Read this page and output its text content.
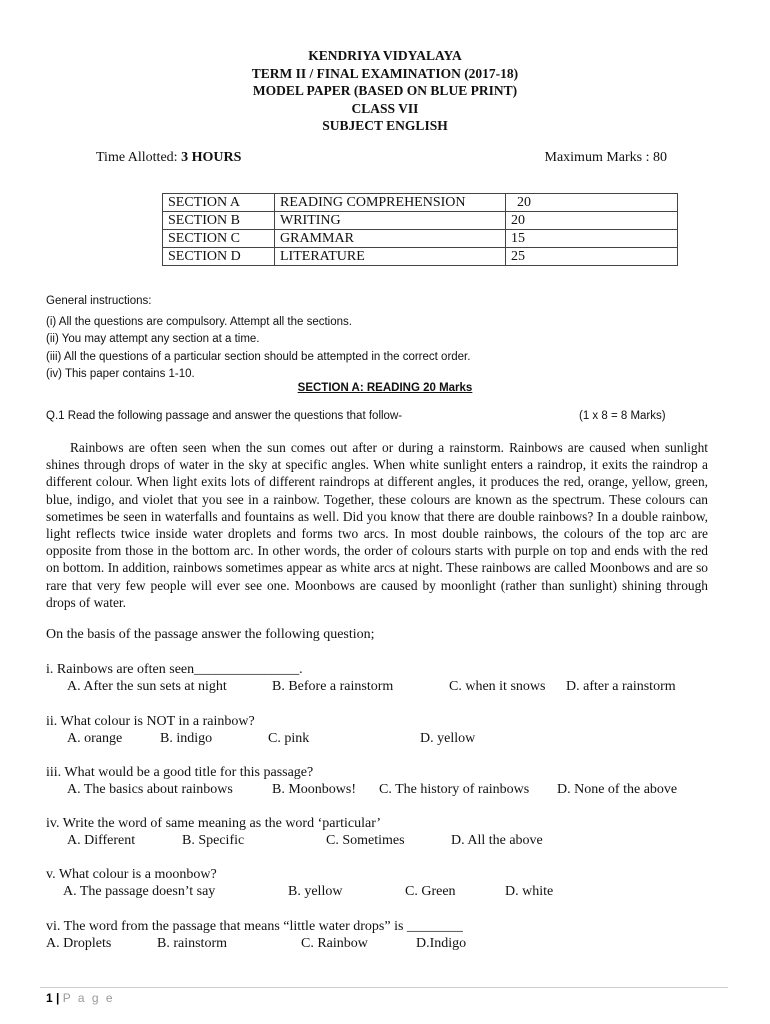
KENDRIYA VIDYALAYA
TERM II / FINAL EXAMINATION (2017-18)
MODEL PAPER (BASED ON BLUE PRINT)
CLASS VII
SUBJECT ENGLISH
Time Allotted: 3 HOURS	Maximum Marks : 80
SECTION A	READING COMPREHENSION	20
SECTION B	WRITING	20
SECTION C	GRAMMAR	15
SECTION D	LITERATURE	25
General instructions:
(i) All the questions are compulsory. Attempt all the sections.
(ii) You may attempt any section at a time.
(iii) All the questions of a particular section should be attempted in the correct order.
(iv) This paper contains 1-10.
SECTION A: READING 20 Marks
Q.1 Read the following passage and answer the questions that follow-	(1 x 8 = 8 Marks)

Rainbows are often seen when the sun comes out after or during a rainstorm. Rainbows are caused when sunlight shines through drops of water in the sky at specific angles. When white sunlight enters a raindrop, it exits the raindrop a different colour. When light exits lots of different raindrops at different angles, it produces the red, orange, yellow, green, blue, indigo, and violet that you see in a rainbow. Together, these colours are known as the spectrum. These colours can sometimes be seen in waterfalls and fountains as well. Did you know that there are double rainbows? In a double rainbow, light reflects twice inside water droplets and forms two arcs. In most double rainbows, the colours of the top arc are opposite from those in the bottom arc. In other words, the order of colours starts with purple on top and ends with the red on bottom. In addition, rainbows sometimes appear as white arcs at night. These rainbows are called Moonbows and are so rare that very few people will ever see one. Moonbows are caused by moonlight (rather than sunlight) shining through drops of water.

On the basis of the passage answer the following question;
i. Rainbows are often seen_______________.
A. After the sun sets at night	B. Before a rainstorm	C. when it snows D. after a rainstorm
ii. What colour is NOT in a rainbow?
A. orange	B. indigo	C. pink	D. yellow
iii. What would be a good title for this passage?
A. The basics about rainbows	B. Moonbows! C. The history of rainbows D. None of the above
iv. Write the word of same meaning as the word ‘particular’
A. Different	B. Specific	C. Sometimes	D. All the above
v. What colour is a moonbow?
A. The passage doesn’t say	B. yellow	C. Green	D. white
vi. The word from the passage that means “little water drops” is ________
A. Droplets	B. rainstorm	C. Rainbow	D.Indigo
1 | P a g e
